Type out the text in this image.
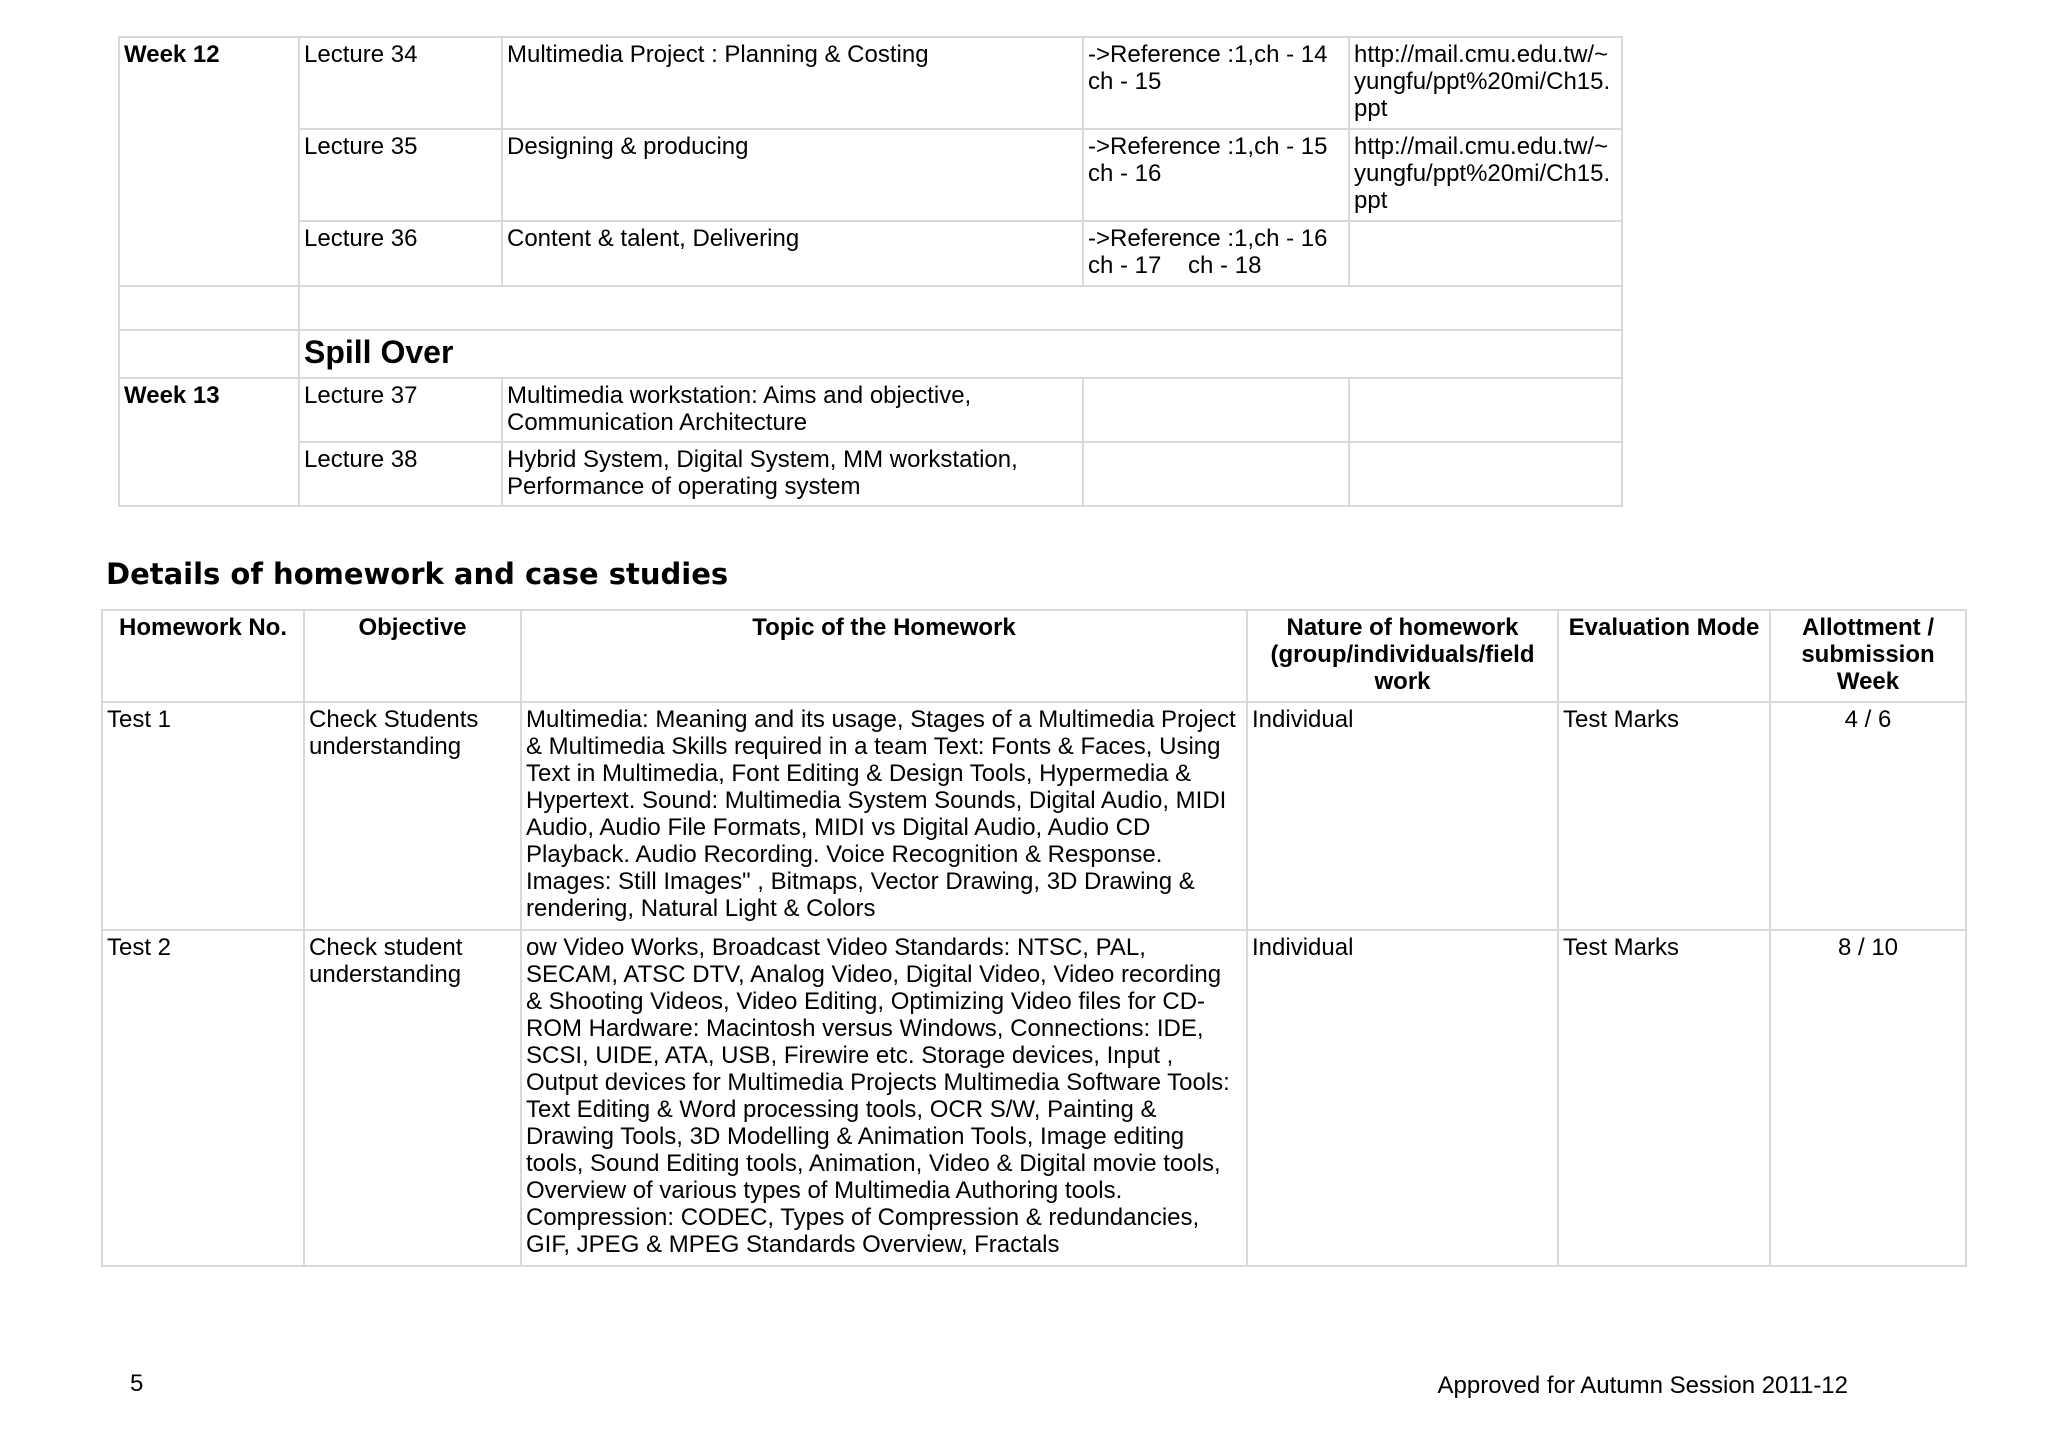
Week 12	Lecture 34	Multimedia Project : Planning & Costing	->Reference :1,ch - 14 ch - 15	http://mail.cmu.edu.tw/~yungfu/ppt%20mi/Ch15.ppt
	Lecture 35	Designing & producing	->Reference :1,ch - 15 ch - 16	http://mail.cmu.edu.tw/~yungfu/ppt%20mi/Ch15.ppt
	Lecture 36	Content & talent, Delivering	->Reference :1,ch - 16 ch - 17    ch - 18	

	Spill Over			
Week 13	Lecture 37	Multimedia workstation: Aims and objective, Communication Architecture		
	Lecture 38	Hybrid System, Digital System, MM workstation, Performance of operating system		
Details of homework and case studies
Homework No.	Objective	Topic of the Homework	Nature of homework (group/individuals/field work	Evaluation Mode	Allottment / submission Week
Test 1	Check Students understanding	Multimedia: Meaning and its usage, Stages of a Multimedia Project & Multimedia Skills required in a team Text: Fonts & Faces, Using Text in Multimedia, Font Editing & Design Tools, Hypermedia & Hypertext. Sound: Multimedia System Sounds, Digital Audio, MIDI Audio, Audio File Formats, MIDI vs Digital Audio, Audio CD Playback. Audio Recording. Voice Recognition & Response. Images: Still Images" , Bitmaps, Vector Drawing, 3D Drawing & rendering, Natural Light & Colors	Individual	Test Marks	4 / 6
Test 2	Check student understanding	ow Video Works, Broadcast Video Standards: NTSC, PAL, SECAM, ATSC DTV, Analog Video, Digital Video, Video recording & Shooting Videos, Video Editing, Optimizing Video files for CD-ROM Hardware: Macintosh versus Windows, Connections: IDE, SCSI, UIDE, ATA, USB, Firewire etc. Storage devices, Input , Output devices for Multimedia Projects Multimedia Software Tools: Text Editing & Word processing tools, OCR S/W, Painting & Drawing Tools, 3D Modelling & Animation Tools, Image editing tools, Sound Editing tools, Animation, Video & Digital movie tools, Overview of various types of Multimedia Authoring tools. Compression: CODEC, Types of Compression & redundancies, GIF, JPEG & MPEG Standards Overview, Fractals	Individual	Test Marks	8 / 10
5	Approved for Autumn Session 2011-12
